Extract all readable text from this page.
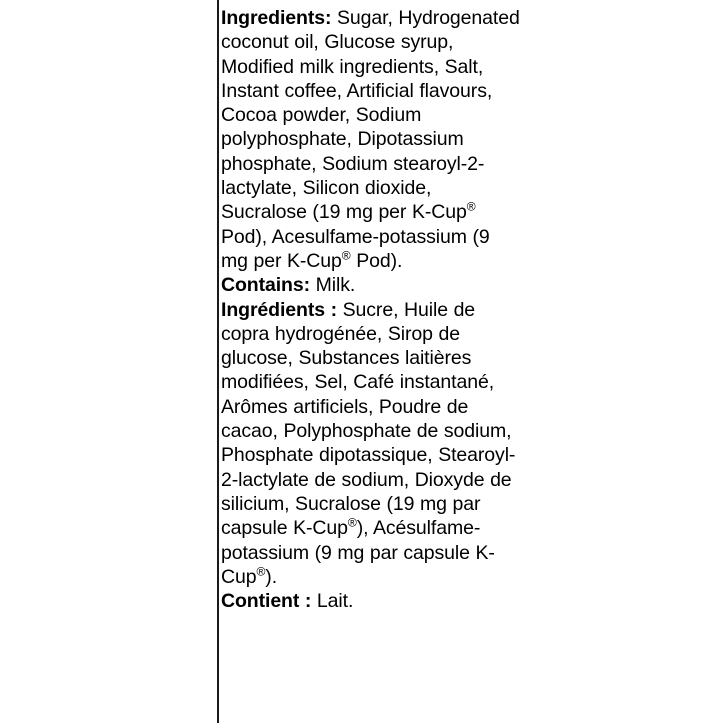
Ingredients: Sugar, Hydrogenated coconut oil, Glucose syrup, Modified milk ingredients, Salt, Instant coffee, Artificial flavours, Cocoa powder, Sodium polyphosphate, Dipotassium phosphate, Sodium stearoyl-2-lactylate, Silicon dioxide, Sucralose (19 mg per K-Cup® Pod), Acesulfame-potassium (9 mg per K-Cup® Pod).

Contains: Milk.

Ingrédients : Sucre, Huile de copra hydrogénée, Sirop de glucose, Substances laitières modifiées, Sel, Café instantané, Arômes artificiels, Poudre de cacao, Polyphosphate de sodium, Phosphate dipotassique, Stearoyl-2-lactylate de sodium, Dioxyde de silicium, Sucralose (19 mg par capsule K-Cup®), Acésulfame-potassium (9 mg par capsule K-Cup®).

Contient : Lait.
